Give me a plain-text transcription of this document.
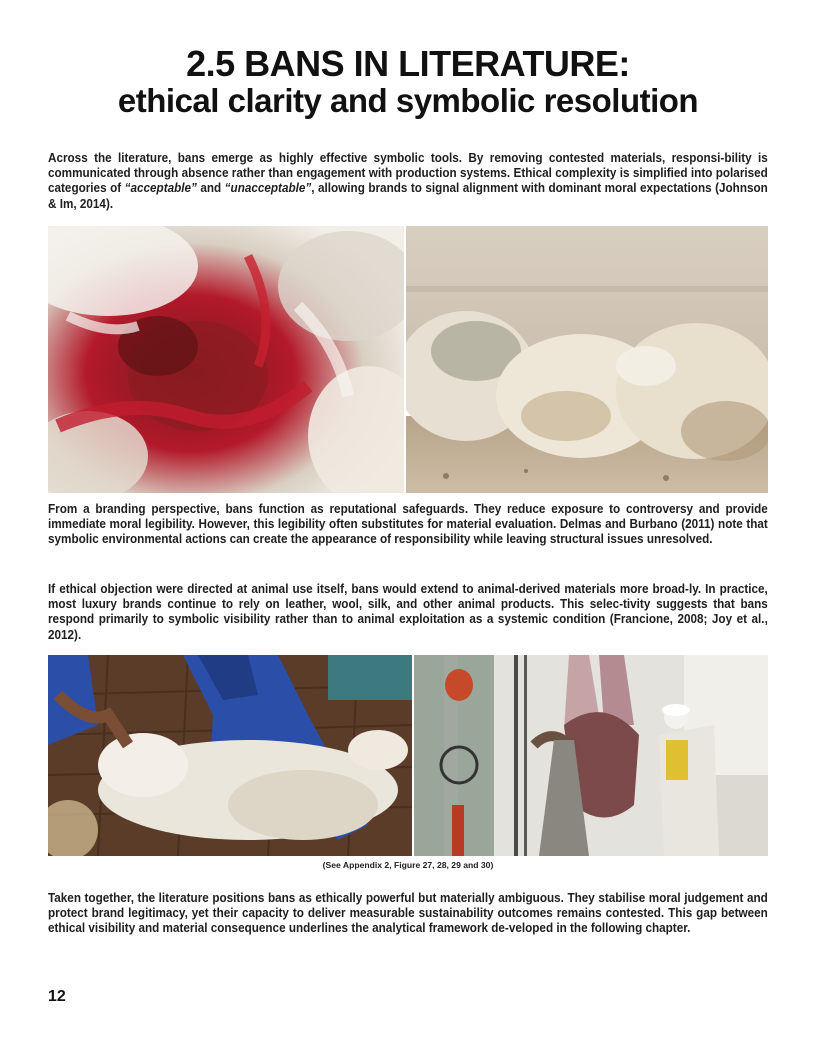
2.5 BANS IN LITERATURE:
ethical clarity and symbolic resolution
Across the literature, bans emerge as highly effective symbolic tools. By removing contested materials, responsi-bility is communicated through absence rather than engagement with production systems. Ethical complexity is simplified into polarised categories of “acceptable” and “unacceptable”, allowing brands to signal alignment with dominant moral expectations (Johnson & Im, 2014).
From a branding perspective, bans function as reputational safeguards. They reduce exposure to controversy and provide immediate moral legibility. However, this legibility often substitutes for material evaluation. Delmas and Burbano (2011) note that symbolic environmental actions can create the appearance of responsibility while leaving structural issues unresolved.
If ethical objection were directed at animal use itself, bans would extend to animal-derived materials more broad-ly. In practice, most luxury brands continue to rely on leather, wool, silk, and other animal products. This selec-tivity suggests that bans respond primarily to symbolic visibility rather than to animal exploitation as a systemic condition (Francione, 2008; Joy et al., 2012).
(See Appendix 2, Figure 27, 28, 29 and 30)
Taken together, the literature positions bans as ethically powerful but materially ambiguous. They stabilise moral judgement and protect brand legitimacy, yet their capacity to deliver measurable sustainability outcomes remains contested. This gap between ethical visibility and material consequence underlines the analytical framework de-veloped in the following chapter.
12
